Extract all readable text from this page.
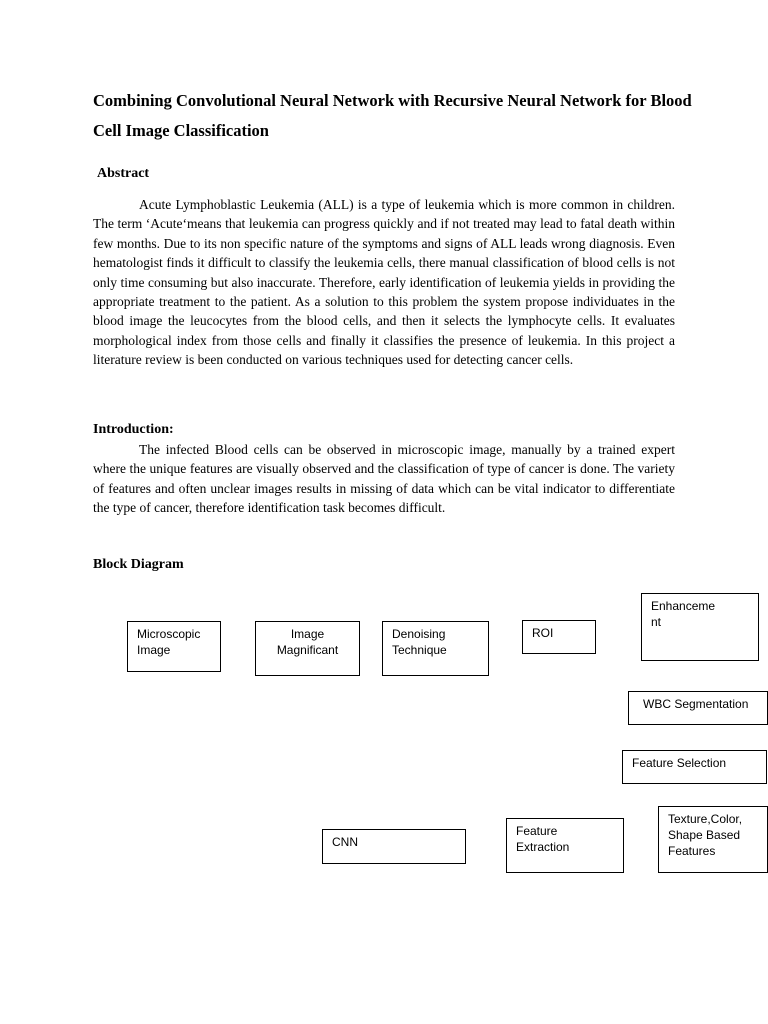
Combining Convolutional Neural Network with Recursive Neural Network for Blood Cell Image Classification
Abstract

Acute Lymphoblastic Leukemia (ALL) is a type of leukemia which is more common in children. The term ‘Acute‘means that leukemia can progress quickly and if not treated may lead to fatal death within few months. Due to its non specific nature of the symptoms and signs of ALL leads wrong diagnosis. Even hematologist finds it difficult to classify the leukemia cells, there manual classification of blood cells is not only time consuming but also inaccurate. Therefore, early identification of leukemia yields in providing the appropriate treatment to the patient. As a solution to this problem the system propose individuates in the blood image the leucocytes from the blood cells, and then it selects the lymphocyte cells. It evaluates morphological index from those cells and finally it classifies the presence of leukemia. In this project a literature review is been conducted on various techniques used for detecting cancer cells.

Introduction:

The infected Blood cells can be observed in microscopic image, manually by a trained expert where the unique features are visually observed and the classification of type of cancer is done. The variety of features and often unclear images results in missing of data which can be vital indicator to differentiate the type of cancer, therefore identification task becomes difficult.

Block Diagram
Microscopic Image
Image Magnificant
Denoising Technique
ROI
Enhanceme nt
WBC Segmentation
Feature Selection
Texture,Color, Shape Based Features
Feature Extraction
CNN
